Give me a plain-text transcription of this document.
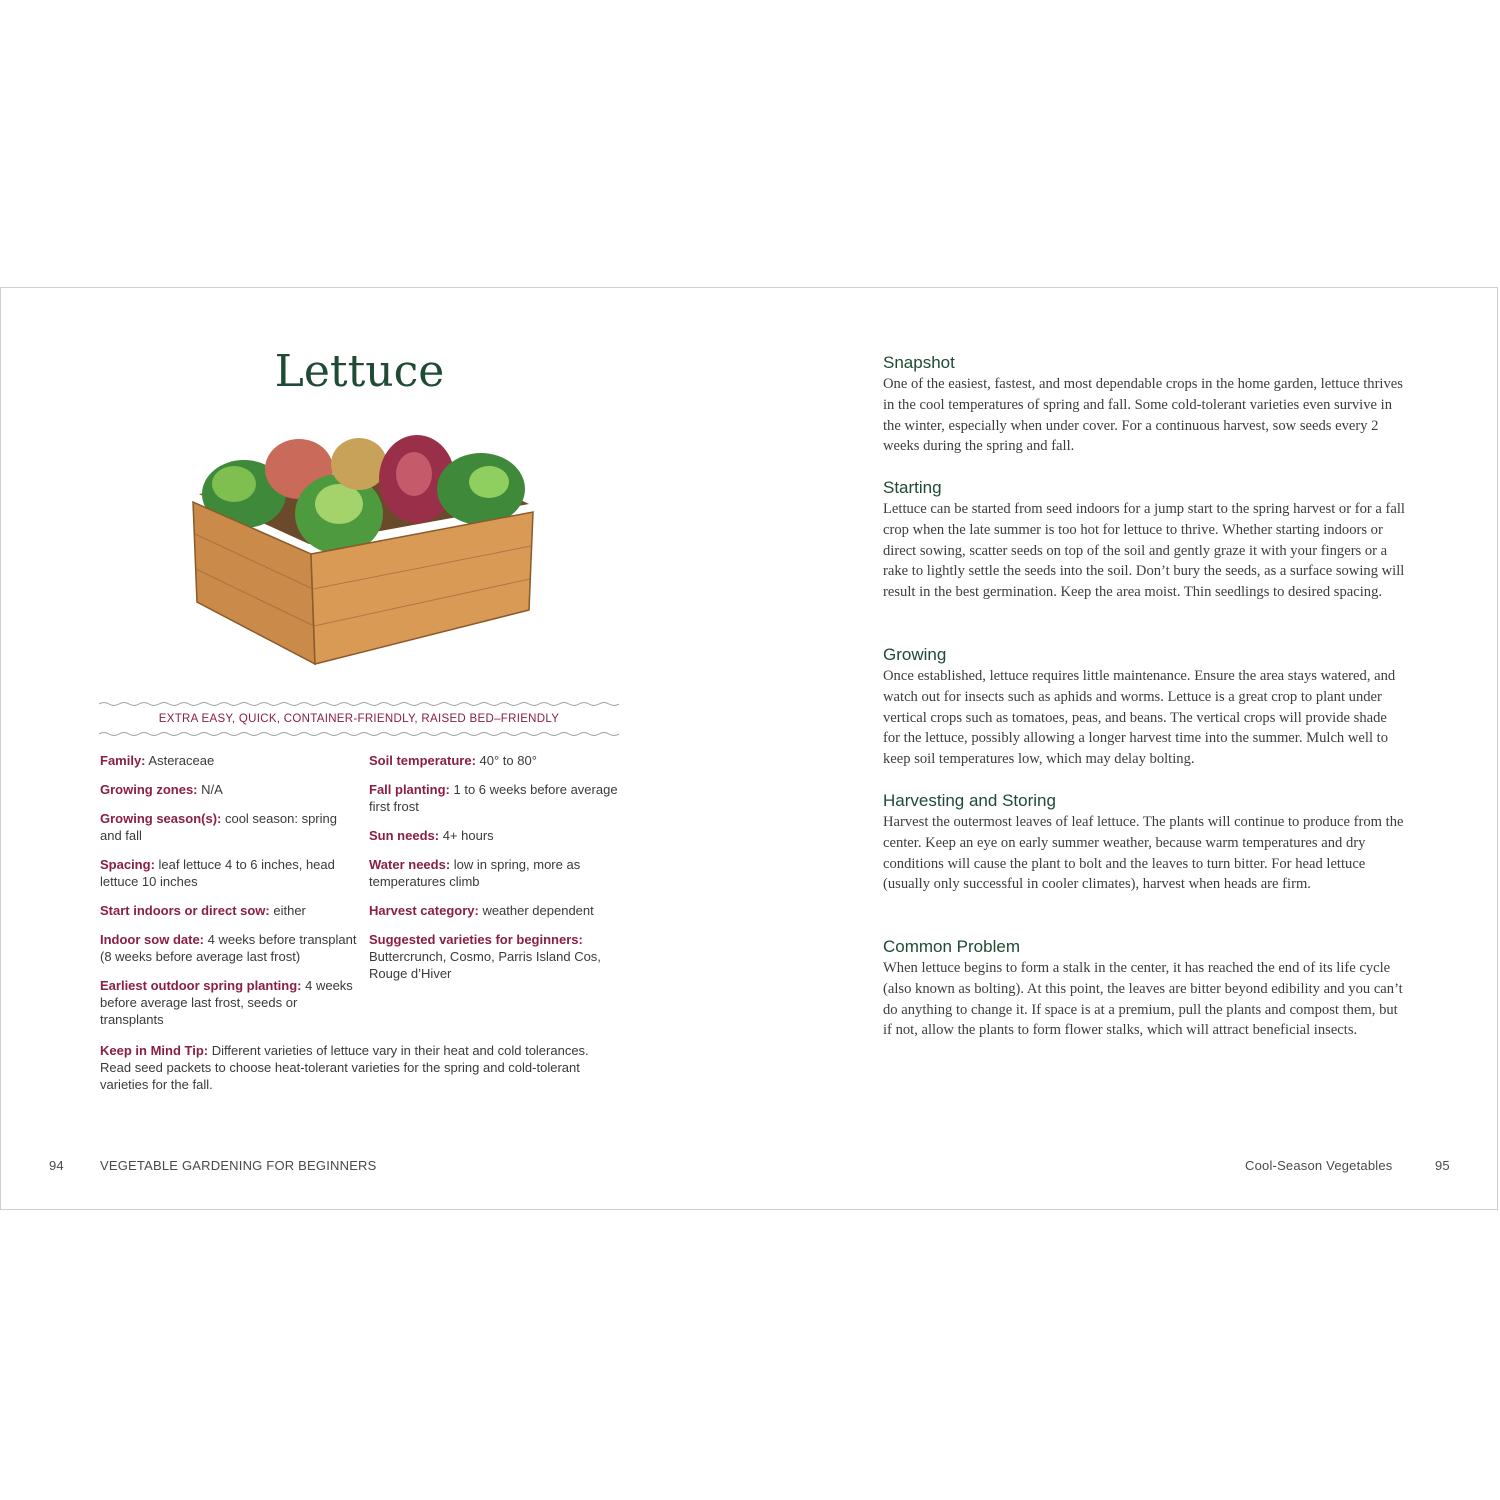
Lettuce
EXTRA EASY, QUICK, CONTAINER-FRIENDLY, RAISED BED–FRIENDLY
Family: Asteraceae
Growing zones: N/A
Growing season(s): cool season: spring and fall
Spacing: leaf lettuce 4 to 6 inches, head lettuce 10 inches
Start indoors or direct sow: either
Indoor sow date: 4 weeks before transplant (8 weeks before average last frost)
Earliest outdoor spring planting: 4 weeks before average last frost, seeds or transplants
Soil temperature: 40° to 80°
Fall planting: 1 to 6 weeks before average first frost
Sun needs: 4+ hours
Water needs: low in spring, more as temperatures climb
Harvest category: weather dependent
Suggested varieties for beginners: Buttercrunch, Cosmo, Parris Island Cos, Rouge d’Hiver
Keep in Mind Tip: Different varieties of lettuce vary in their heat and cold tolerances. Read seed packets to choose heat-tolerant varieties for the spring and cold-tolerant varieties for the fall.
94	VEGETABLE GARDENING FOR BEGINNERS
Snapshot

One of the easiest, fastest, and most dependable crops in the home garden, lettuce thrives in the cool temperatures of spring and fall. Some cold-tolerant varieties even survive in the winter, especially when under cover. For a continuous harvest, sow seeds every 2 weeks during the spring and fall.

Starting

Lettuce can be started from seed indoors for a jump start to the spring harvest or for a fall crop when the late summer is too hot for lettuce to thrive. Whether starting indoors or direct sowing, scatter seeds on top of the soil and gently graze it with your fingers or a rake to lightly settle the seeds into the soil. Don’t bury the seeds, as a surface sowing will result in the best germination. Keep the area moist. Thin seedlings to desired spacing.

Growing

Once established, lettuce requires little maintenance. Ensure the area stays watered, and watch out for insects such as aphids and worms. Lettuce is a great crop to plant under vertical crops such as tomatoes, peas, and beans. The vertical crops will provide shade for the lettuce, possibly allowing a longer harvest time into the summer. Mulch well to keep soil temperatures low, which may delay bolting.

Harvesting and Storing

Harvest the outermost leaves of leaf lettuce. The plants will continue to produce from the center. Keep an eye on early summer weather, because warm temperatures and dry conditions will cause the plant to bolt and the leaves to turn bitter. For head lettuce (usually only successful in cooler climates), harvest when heads are firm.

Common Problem

When lettuce begins to form a stalk in the center, it has reached the end of its life cycle (also known as bolting). At this point, the leaves are bitter beyond edibility and you can’t do anything to change it. If space is at a premium, pull the plants and compost them, but if not, allow the plants to form flower stalks, which will attract beneficial insects.

Cool-Season Vegetables	95
